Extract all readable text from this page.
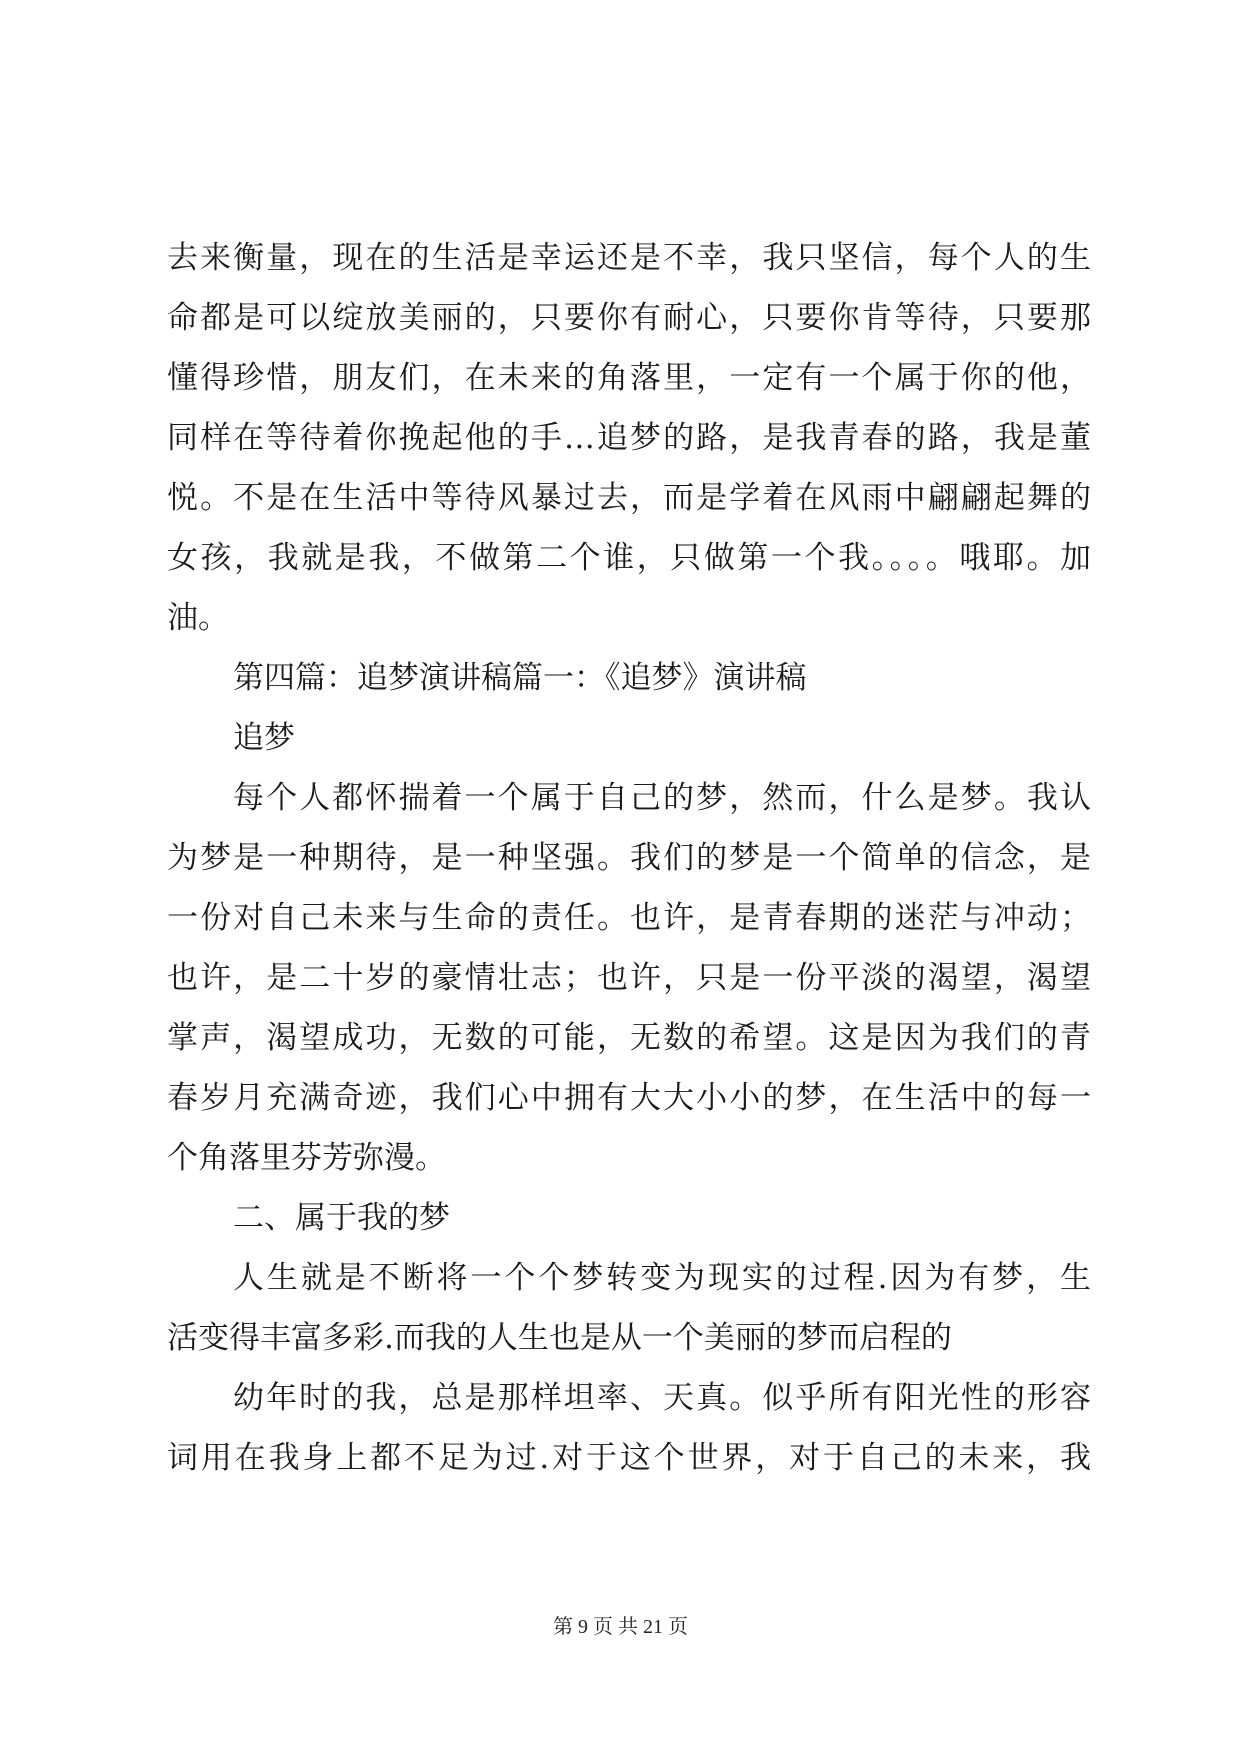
去来衡量，现在的生活是幸运还是不幸，我只坚信，每个人的生
命都是可以绽放美丽的，只要你有耐心，只要你肯等待，只要那
懂得珍惜，朋友们，在未来的角落里，一定有一个属于你的他，
同样在等待着你挽起他的手…追梦的路，是我青春的路，我是董
悦。不是在生活中等待风暴过去，而是学着在风雨中翩翩起舞的
女孩，我就是我，不做第二个谁，只做第一个我。。。。哦耶。加
油。
第四篇：追梦演讲稿篇一：《追梦》演讲稿
追梦
每个人都怀揣着一个属于自己的梦，然而，什么是梦。我认
为梦是一种期待，是一种坚强。我们的梦是一个简单的信念，是
一份对自己未来与生命的责任。也许，是青春期的迷茫与冲动；
也许，是二十岁的豪情壮志；也许，只是一份平淡的渴望，渴望
掌声，渴望成功，无数的可能，无数的希望。这是因为我们的青
春岁月充满奇迹，我们心中拥有大大小小的梦，在生活中的每一
个角落里芬芳弥漫。
二、属于我的梦
人生就是不断将一个个梦转变为现实的过程.因为有梦，生
活变得丰富多彩.而我的人生也是从一个美丽的梦而启程的
幼年时的我，总是那样坦率、天真。似乎所有阳光性的形容
词用在我身上都不足为过.对于这个世界，对于自己的未来，我
第 9 页 共 21 页
